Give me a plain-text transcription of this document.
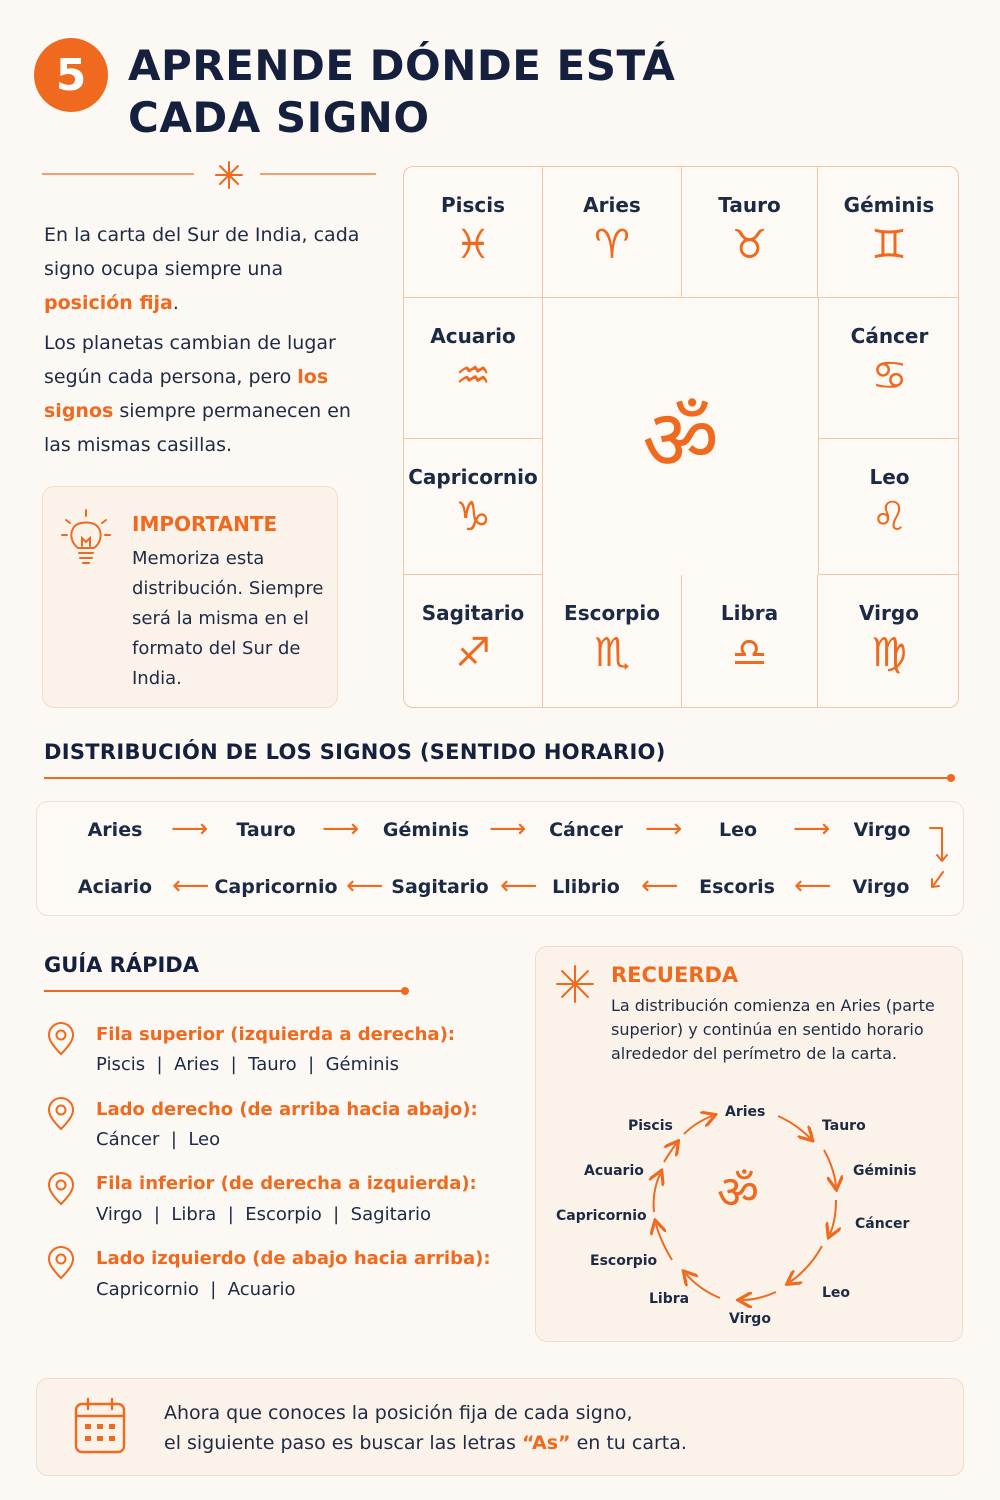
5 APRENDE DÓNDE ESTÁ
CADA SIGNO

En la carta del Sur de India, cada signo ocupa siempre una posición fija.

Los planetas cambian de lugar según cada persona, pero los signos siempre permanecen en las mismas casillas.

IMPORTANTE
Memoriza esta distribución. Siempre será la misma en el formato del Sur de India.
Piscis
♓
Aries
♈
Tauro
♉
Géminis
♊
Acuario
♒
Cáncer
♋
Capricornio
♑
Leo
♌
ॐ
Sagitario
♐
Escorpio
♏
Libra
♎
Virgo
♍
DISTRIBUCIÓN DE LOS SIGNOS (SENTIDO HORARIO)
Aries ⟶ Tauro ⟶ Géminis ⟶ Cáncer ⟶ Leo ⟶ Virgo
Aciario ⟵ Capricornio ⟵ Sagitario ⟵ Llibrio ⟵ Escoris ⟵ Virgo
GUÍA RÁPIDA
Fila superior (izquierda a derecha):
Piscis  |  Aries  |  Tauro  |  Géminis
Lado derecho (de arriba hacia abajo):
Cáncer  |  Leo
Fila inferior (de derecha a izquierda):
Virgo  |  Libra  |  Escorpio  |  Sagitario
Lado izquierdo (de abajo hacia arriba):
Capricornio  |  Acuario
RECUERDA
La distribución comienza en Aries (parte superior) y continúa en sentido horario alrededor del perímetro de la carta.
ॐ
Aries
Tauro
Géminis
Cáncer
Leo
Virgo
Libra
Escorpio
Capricornio
Acuario
Piscis
Ahora que conoces la posición fija de cada signo,
el siguiente paso es buscar las letras “As” en tu carta.
